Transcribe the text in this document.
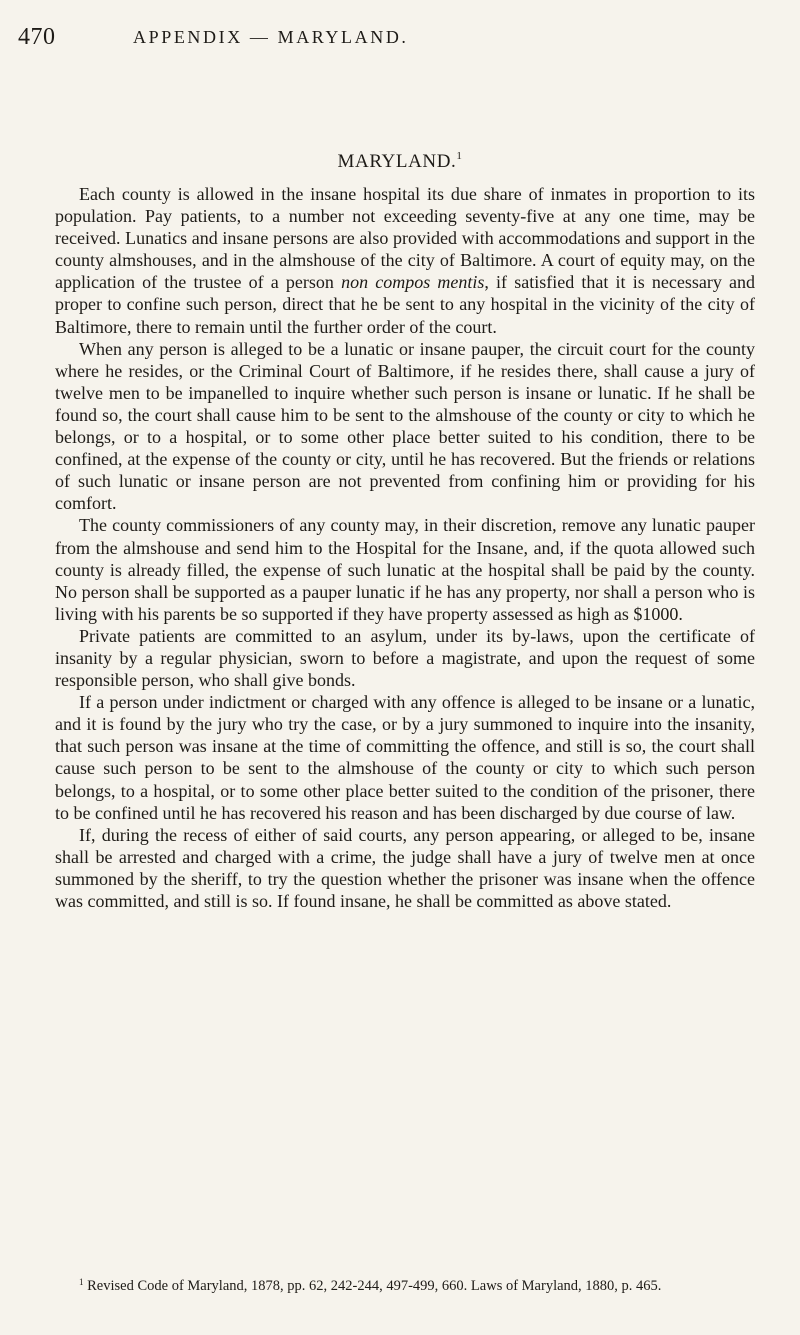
470	APPENDIX — MARYLAND.
MARYLAND.$^1$

Each county is allowed in the insane hospital its due share of inmates in proportion to its population. Pay patients, to a number not exceeding seventy-five at any one time, may be received. Lunatics and insane persons are also provided with accommodations and support in the county almshouses, and in the almshouse of the city of Baltimore. A court of equity may, on the application of the trustee of a person non compos mentis, if satisfied that it is necessary and proper to confine such person, direct that he be sent to any hospital in the vicinity of the city of Baltimore, there to remain until the further order of the court.

When any person is alleged to be a lunatic or insane pauper, the circuit court for the county where he resides, or the Criminal Court of Baltimore, if he resides there, shall cause a jury of twelve men to be impanelled to inquire whether such person is insane or lunatic. If he shall be found so, the court shall cause him to be sent to the almshouse of the county or city to which he belongs, or to a hospital, or to some other place better suited to his condition, there to be confined, at the expense of the county or city, until he has recovered. But the friends or relations of such lunatic or insane person are not prevented from confining him or providing for his comfort.

The county commissioners of any county may, in their discretion, remove any lunatic pauper from the almshouse and send him to the Hospital for the Insane, and, if the quota allowed such county is already filled, the expense of such lunatic at the hospital shall be paid by the county. No person shall be supported as a pauper lunatic if he has any property, nor shall a person who is living with his parents be so supported if they have property assessed as high as $1000.

Private patients are committed to an asylum, under its by-laws, upon the certificate of insanity by a regular physician, sworn to before a magistrate, and upon the request of some responsible person, who shall give bonds.

If a person under indictment or charged with any offence is alleged to be insane or a lunatic, and it is found by the jury who try the case, or by a jury summoned to inquire into the insanity, that such person was insane at the time of committing the offence, and still is so, the court shall cause such person to be sent to the almshouse of the county or city to which such person belongs, to a hospital, or to some other place better suited to the condition of the prisoner, there to be confined until he has recovered his reason and has been discharged by due course of law.

If, during the recess of either of said courts, any person appearing, or alleged to be, insane shall be arrested and charged with a crime, the judge shall have a jury of twelve men at once summoned by the sheriff, to try the question whether the prisoner was insane when the offence was committed, and still is so. If found insane, he shall be committed as above stated.

$^1$ Revised Code of Maryland, 1878, pp. 62, 242-244, 497-499, 660. Laws of Maryland, 1880, p. 465.
